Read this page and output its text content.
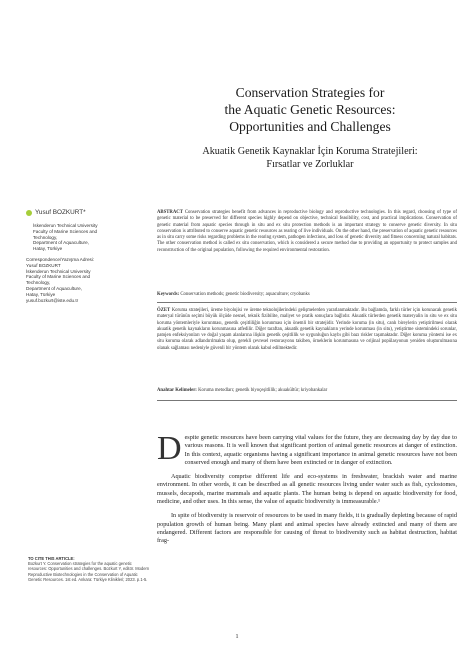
Conservation Strategies for
the Aquatic Genetic Resources:
Opportunities and Challenges

Akuatik Genetik Kaynaklar İçin Koruma Stratejileri:
Fırsatlar ve Zorluklar

Yusuf BOZKURT*
İskenderun Technical University
Faculty of Marine Sciences and
Technology,
Department of Aquaculture,
Hatay, Türkiye
Correspondence/Yazışma Adresi:
Yusuf BOZKURT
İskenderun Technical University
Faculty of Marine Sciences and
Technology,
Department of Aquaculture,
Hatay, Türkiye
yusuf.bozkurt@iste.edu.tr
ABSTRACT Conservation strategies benefit from advances in reproductive biology and reproductive technologies. In this regard, choosing of type of genetic material to be preserved for different species highly depend on objective, technical feasibility, cost, and practical implications. Conservation of genetic material from aquatic species through in situ and ex situ protection methods is an important strategy to conserve genetic diversity. In situ conservation is attributed to conserve aquatic genetic resources as rearing of live individuals. On the other hand, the preservation of aquatic genetic resources as in situ carry some risks regarding problems in the rearing system, pathogen infections, and loss of genetic diversity and fitness concerning natural habitats. The other conservation method is called ex situ conservation, which is considered a secure method due to providing an opportunity to protect samples and reconstruction of the original population, following the required environmental restoration.
Keywords: Conservation methods; genetic biodiversity; aquaculture; cryobanks
ÖZET Koruma stratejileri, üreme biyolojisi ve üreme teknolojilerindeki gelişmelerden yararlanmaktadır. Bu bağlamda, farklı türler için korunacak genetik materyal türünün seçimi büyük ölçüde nesnel, teknik fizibilite, maliyet ve pratik sonuçlara bağlıdır. Akuatik türlerden genetik materyalin in situ ve ex situ koruma yöntemleriyle korunması, genetik çeşitliliğin korunması için önemli bir stratejidir. Yerinde koruma (in situ), canlı bireylerin yetiştirilmesi olarak akuatik genetik kaynakların korunmasına atfedilir. Diğer taraftan, akuatik genetik kaynakların yerinde korunması (in situ), yetiştirme sistemindeki sorunlar, patojen enfeksiyonları ve doğal yaşam alanlarına ilişkin genetik çeşitlilik ve uygunluğun kaybı gibi bazı riskler taşımaktadır. Diğer koruma yöntemi ise ex situ koruma olarak adlandırılmakta olup, gerekli çevresel restorasyonu takiben, örneklerin korunmasına ve orijinal popülasyonun yeniden oluşturulmasına olanak sağlaması nedeniyle güvenli bir yöntem olarak kabul edilmektedir.
Anahtar Kelimeler: Koruma metodları; genetik biyoçeşitlilik; akuakültür; kriyobankalar

Despite genetic resources have been carrying vital values for the future, they are decreasing day by day due to various reasons. It is well known that significant portion of animal genetic resources at danger of extinction. In this context, aquatic organisms having a significant importance in animal genetic resources have not been conserved enough and many of them have been extincted or in danger of extinction.

Aquatic biodiversity comprise different life and eco-systems in freshwater, brackish water and marine environment. In other words, it can be described as all genetic resources living under water such as fish, cyclostomes, mussels, decapods, marine mammals and aquatic plants. The human being is depend on aquatic biodiversity for food, medicine, and other uses. In this sense, the value of aquatic biodiversity is immeasurable.¹

In spite of biodiversity is reservoir of resources to be used in many fields, it is gradually depleting because of rapid population growth of human being. Many plant and animal species have already extincted and many of them are endangered. Different factors are responsible for causing of threat to biodiversity such as habitat destruction, habitat frag-

TO CITE THIS ARTICLE:
Bozkurt Y. Conservation strategies for the aquatic genetic resources: Opportunities and challenges. Bozkurt Y, editör. Modern Reproductive Biotechnologies in the Conservation of Aquatic Genetic Resources. 1st ed. Ankara: Türkiye Klinikleri; 2023. p.1-5.
1
